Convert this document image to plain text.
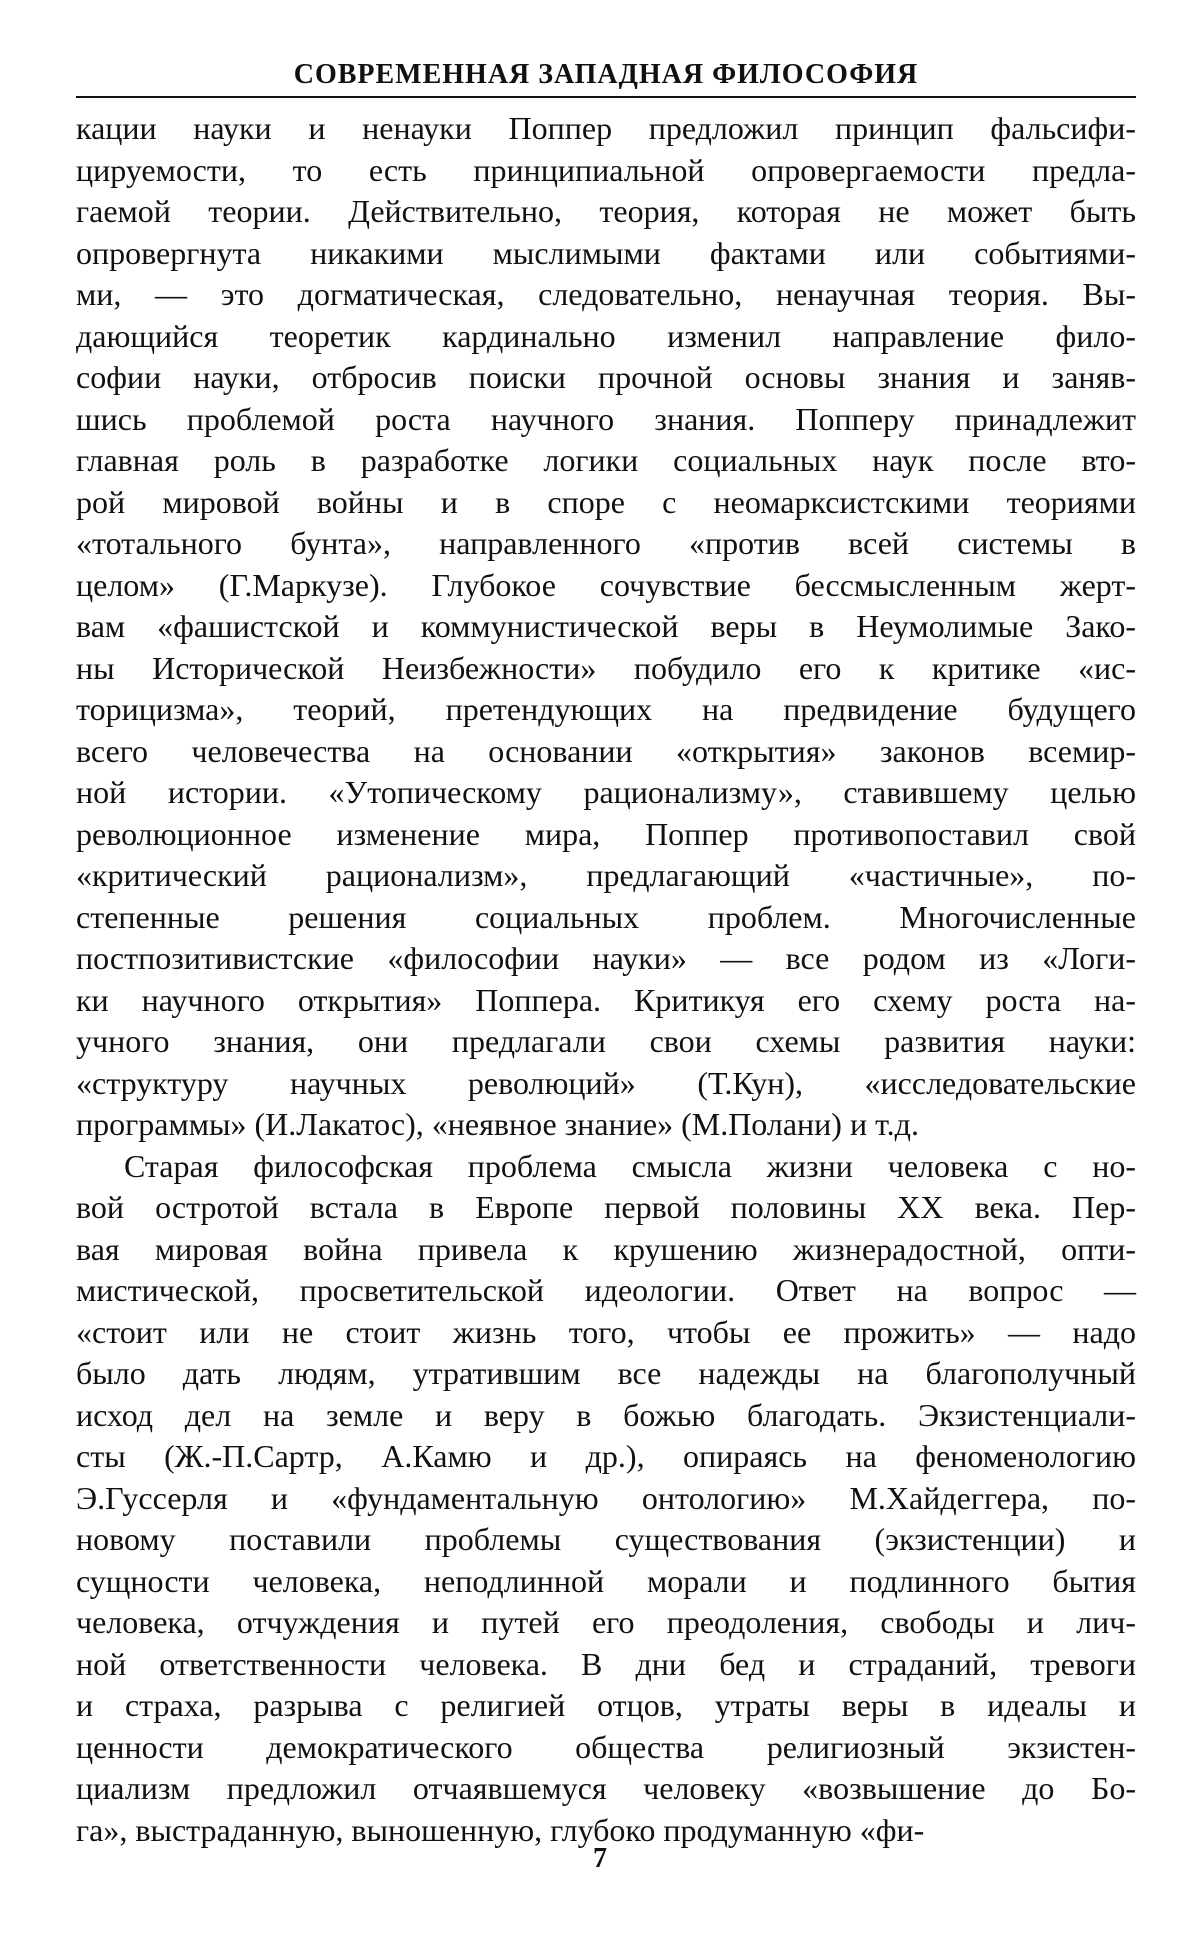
СОВРЕМЕННАЯ ЗАПАДНАЯ ФИЛОСОФИЯ
кации науки и ненауки Поппер предложил принцип фальсифи-
цируемости, то есть принципиальной опровергаемости предла-
гаемой теории. Действительно, теория, которая не может быть
опровергнута никакими мыслимыми фактами или событиями-
ми, — это догматическая, следовательно, ненаучная теория. Вы-
дающийся теоретик кардинально изменил направление фило-
софии науки, отбросив поиски прочной основы знания и заняв-
шись проблемой роста научного знания. Попперу принадлежит
главная роль в разработке логики социальных наук после вто-
рой мировой войны и в споре с неомарксистскими теориями
«тотального бунта», направленного «против всей системы в
целом» (Г.Маркузе). Глубокое сочувствие бессмысленным жерт-
вам «фашистской и коммунистической веры в Неумолимые Зако-
ны Исторической Неизбежности» побудило его к критике «ис-
торицизма», теорий, претендующих на предвидение будущего
всего человечества на основании «открытия» законов всемир-
ной истории. «Утопическому рационализму», ставившему целью
революционное изменение мира, Поппер противопоставил свой
«критический рационализм», предлагающий «частичные», по-
степенные решения социальных проблем. Многочисленные
постпозитивистские «философии науки» — все родом из «Логи-
ки научного открытия» Поппера. Критикуя его схему роста на-
учного знания, они предлагали свои схемы развития науки:
«структуру научных революций» (Т.Кун), «исследовательские
программы» (И.Лакатос), «неявное знание» (М.Полани) и т.д.
Старая философская проблема смысла жизни человека с но-
вой остротой встала в Европе первой половины XX века. Пер-
вая мировая война привела к крушению жизнерадостной, опти-
мистической, просветительской идеологии. Ответ на вопрос —
«стоит или не стоит жизнь того, чтобы ее прожить» — надо
было дать людям, утратившим все надежды на благополучный
исход дел на земле и веру в божью благодать. Экзистенциали-
сты (Ж.-П.Сартр, А.Камю и др.), опираясь на феноменологию
Э.Гуссерля и «фундаментальную онтологию» М.Хайдеггера, по-
новому поставили проблемы существования (экзистенции) и
сущности человека, неподлинной морали и подлинного бытия
человека, отчуждения и путей его преодоления, свободы и лич-
ной ответственности человека. В дни бед и страданий, тревоги
и страха, разрыва с религией отцов, утраты веры в идеалы и
ценности демократического общества религиозный экзистен-
циализм предложил отчаявшемуся человеку «возвышение до Бо-
га», выстраданную, выношенную, глубоко продуманную «фи-
7
